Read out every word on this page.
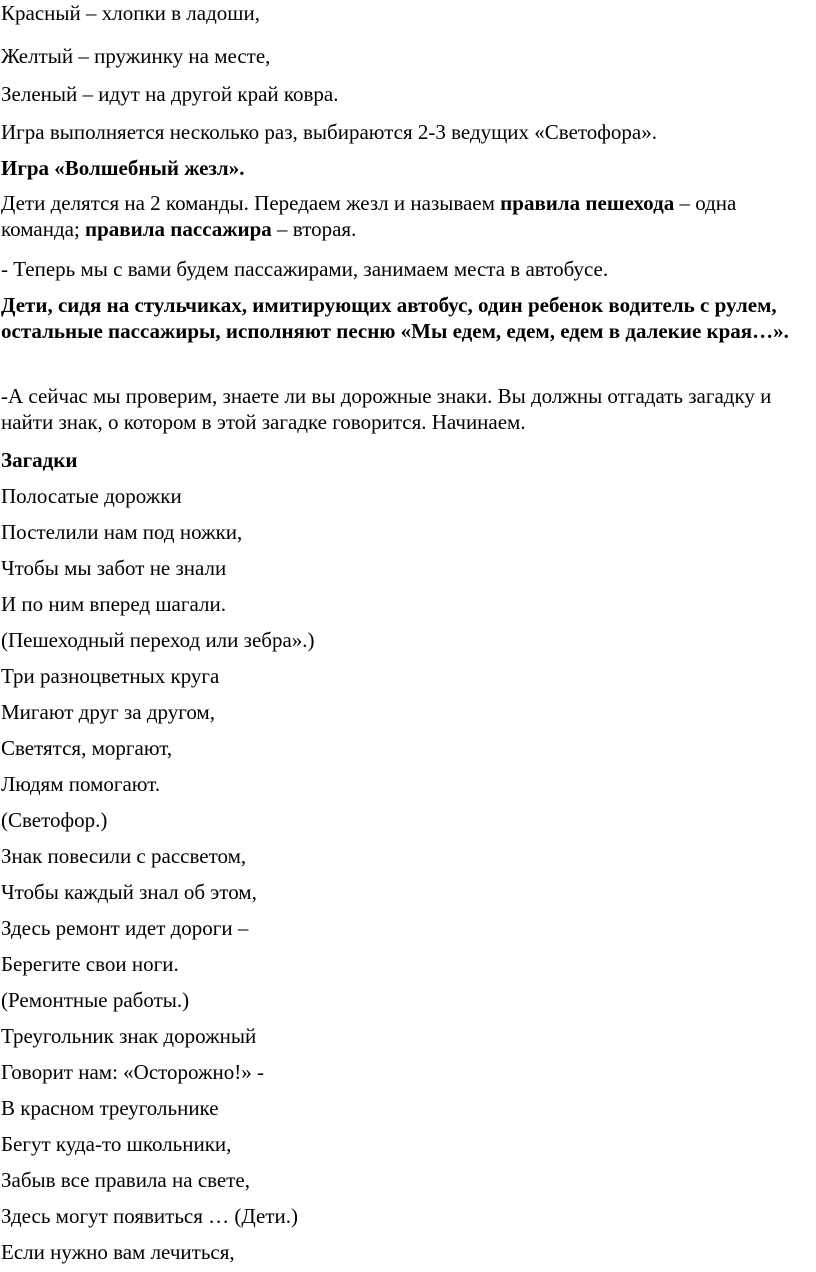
Красный – хлопки в ладоши,
Желтый – пружинку на месте,
Зеленый – идут на другой край ковра.
Игра выполняется несколько раз, выбираются 2-3 ведущих «Светофора».
Игра «Волшебный жезл».
Дети делятся на 2 команды. Передаем жезл и называем правила пешехода – одна команда; правила пассажира – вторая.
- Теперь мы с вами будем пассажирами, занимаем места в автобусе.
Дети, сидя на стульчиках, имитирующих автобус, один ребенок водитель с рулем, остальные пассажиры, исполняют песню «Мы едем, едем, едем в далекие края…».
-А сейчас мы проверим, знаете ли вы дорожные знаки. Вы должны отгадать загадку и найти знак, о котором в этой загадке говорится. Начинаем.
Загадки
Полосатые дорожки
Постелили нам под ножки,
Чтобы мы забот не знали
И по ним вперед шагали.
(Пешеходный переход или зебра».)
Три разноцветных круга
Мигают друг за другом,
Светятся, моргают,
Людям помогают.
(Светофор.)
Знак повесили с рассветом,
Чтобы каждый знал об этом,
Здесь ремонт идет дороги –
Берегите свои ноги.
(Ремонтные работы.)
Треугольник знак дорожный
Говорит нам: «Осторожно!» -
В красном треугольнике
Бегут куда-то школьники,
Забыв все правила на свете,
Здесь могут появиться … (Дети.)
Если нужно вам лечиться,
